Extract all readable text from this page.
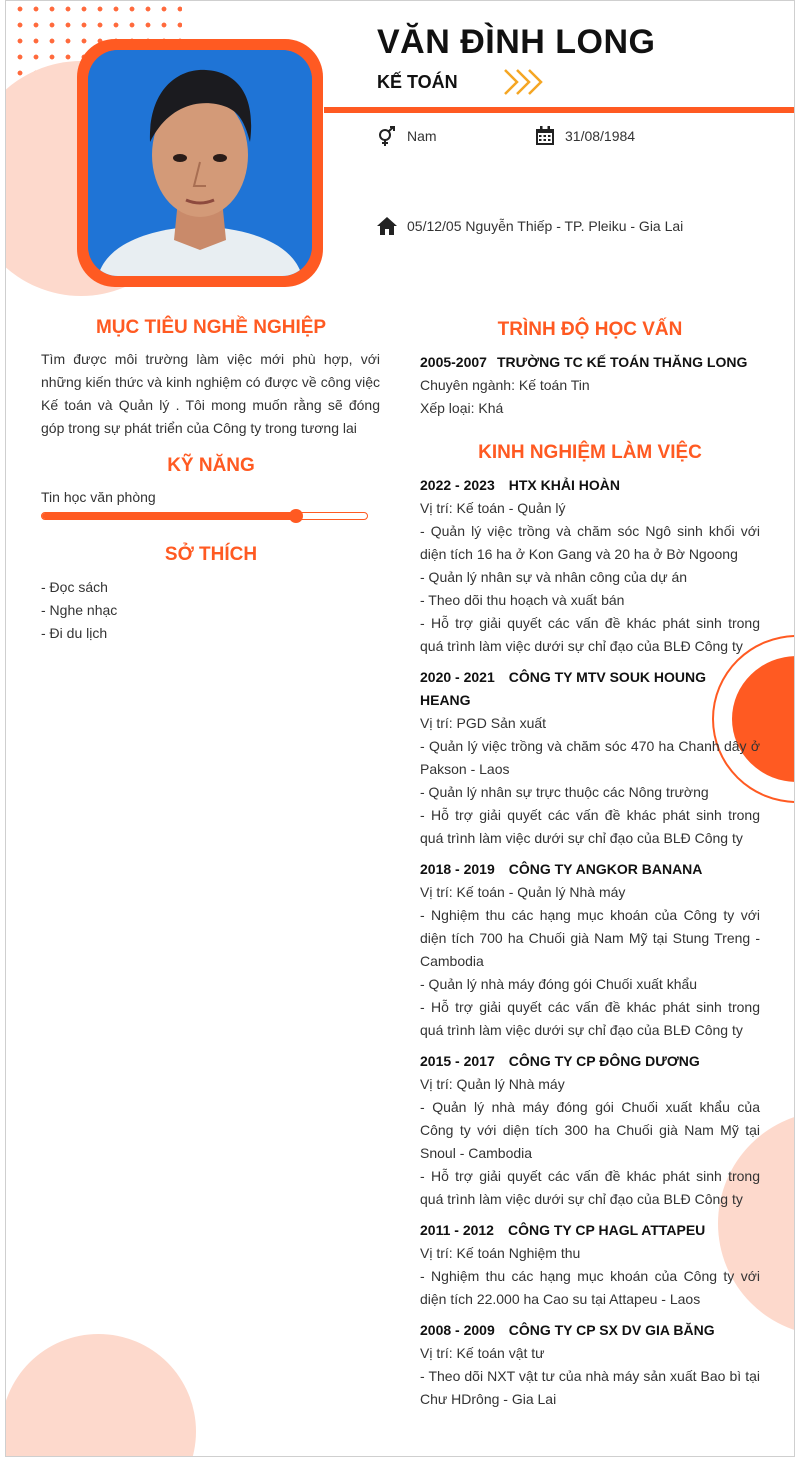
VĂN ĐÌNH LONG
KẾ TOÁN
Nam	31/08/1984
05/12/05 Nguyễn Thiếp - TP. Pleiku - Gia Lai
MỤC TIÊU NGHỀ NGHIỆP
Tìm được môi trường làm việc mới phù hợp, với những kiến thức và kinh nghiệm có được về công việc Kế toán và Quản lý . Tôi mong muốn rằng sẽ đóng góp trong sự phát triển của Công ty trong tương lai
KỸ NĂNG
Tin học văn phòng
SỞ THÍCH
- Đọc sách
- Nghe nhạc
- Đi du lịch
TRÌNH ĐỘ HỌC VẤN
2005-2007 TRƯỜNG TC KẾ TOÁN THĂNG LONG
Chuyên ngành: Kế toán Tin
Xếp loại: Khá
KINH NGHIỆM LÀM VIỆC
2022 - 2023 HTX KHẢI HOÀN

Vị trí: Kế toán - Quản lý

- Quản lý việc trồng và chăm sóc Ngô sinh khối với diện tích 16 ha ở Kon Gang và 20 ha ở Bờ Ngoong

- Quản lý nhân sự và nhân công của dự án

- Theo dõi thu hoạch và xuất bán

- Hỗ trợ giải quyết các vấn đề khác phát sinh trong quá trình làm việc dưới sự chỉ đạo của BLĐ Công ty

2020 - 2021 CÔNG TY MTV SOUK HOUNG HEANG

Vị trí: PGD Sản xuất

- Quản lý việc trồng và chăm sóc 470 ha Chanh dây ở Pakson - Laos

- Quản lý nhân sự trực thuộc các Nông trường

- Hỗ trợ giải quyết các vấn đề khác phát sinh trong quá trình làm việc dưới sự chỉ đạo của BLĐ Công ty

2018 - 2019 CÔNG TY ANGKOR BANANA

Vị trí: Kế toán - Quản lý Nhà máy

- Nghiệm thu các hạng mục khoán của Công ty với diện tích 700 ha Chuối già Nam Mỹ tại Stung Treng - Cambodia

- Quản lý nhà máy đóng gói Chuối xuất khẩu

- Hỗ trợ giải quyết các vấn đề khác phát sinh trong quá trình làm việc dưới sự chỉ đạo của BLĐ Công ty

2015 - 2017 CÔNG TY CP ĐÔNG DƯƠNG

Vị trí: Quản lý Nhà máy

- Quản lý nhà máy đóng gói Chuối xuất khẩu của Công ty với diện tích 300 ha Chuối già Nam Mỹ tại Snoul - Cambodia

- Hỗ trợ giải quyết các vấn đề khác phát sinh trong quá trình làm việc dưới sự chỉ đạo của BLĐ Công ty

2011 - 2012 CÔNG TY CP HAGL ATTAPEU

Vị trí: Kế toán Nghiệm thu

- Nghiệm thu các hạng mục khoán của Công ty với diện tích 22.000 ha Cao su tại Attapeu - Laos

2008 - 2009 CÔNG TY CP SX DV GIA BĂNG

Vị trí: Kế toán vật tư

- Theo dõi NXT vật tư của nhà máy sản xuất Bao bì tại Chư HDrông - Gia Lai
